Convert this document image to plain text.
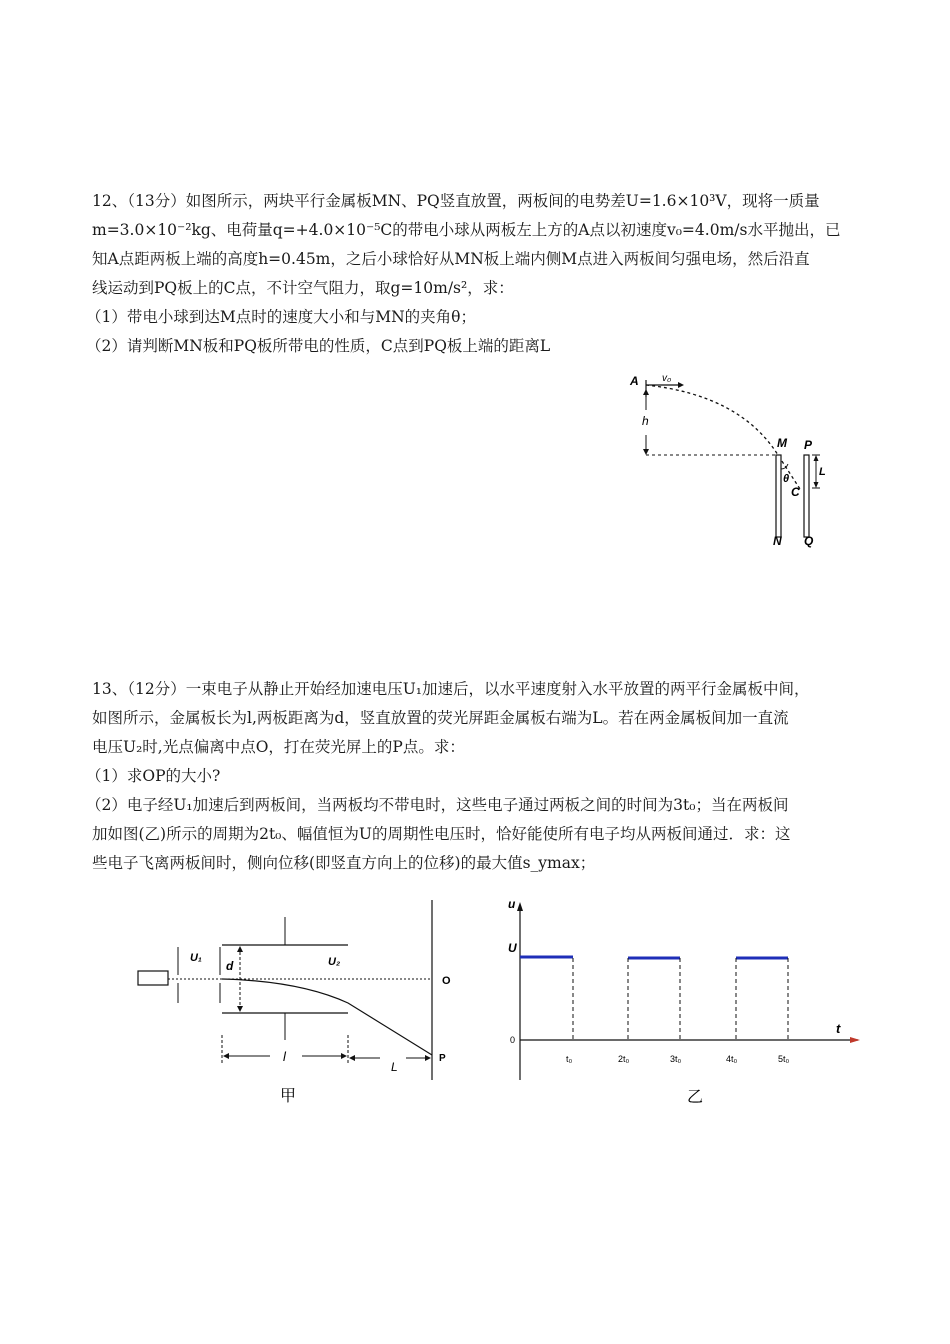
12、（13分）如图所示，两块平行金属板MN、PQ竖直放置，两板间的电势差U=1.6×10³V，现将一质量
m=3.0×10⁻²kg、电荷量q=+4.0×10⁻⁵C的带电小球从两板左上方的A点以初速度v₀=4.0m/s水平抛出，已
知A点距两板上端的高度h=0.45m，之后小球恰好从MN板上端内侧M点进入两板间匀强电场，然后沿直
线运动到PQ板上的C点，不计空气阻力，取g=10m/s²，求：
（1）带电小球到达M点时的速度大小和与MN的夹角θ；
（2）请判断MN板和PQ板所带电的性质，C点到PQ板上端的距离L
A v₀
h
M
N
θ
P
Q
C
L
13、（12分）一束电子从静止开始经加速电压U₁加速后，以水平速度射入水平放置的两平行金属板中间，
如图所示，金属板长为l,两板距离为d，竖直放置的荧光屏距金属板右端为L。若在两金属板间加一直流
电压U₂时,光点偏离中点O，打在荧光屏上的P点。求：
（1）求OP的大小?
（2）电子经U₁加速后到两板间，当两板均不带电时，这些电子通过两板之间的时间为3t₀；当在两板间
加如图(乙)所示的周期为2t₀、幅值恒为U的周期性电压时，恰好能使所有电子均从两板间通过．求：这
些电子飞离两板间时，侧向位移(即竖直方向上的位移)的最大值s_ymax；
U₁	U₂
d
O
P
l
L
甲
u
U
0
t
t₀	2t₀	3t₀	4t₀	5t₀
乙
